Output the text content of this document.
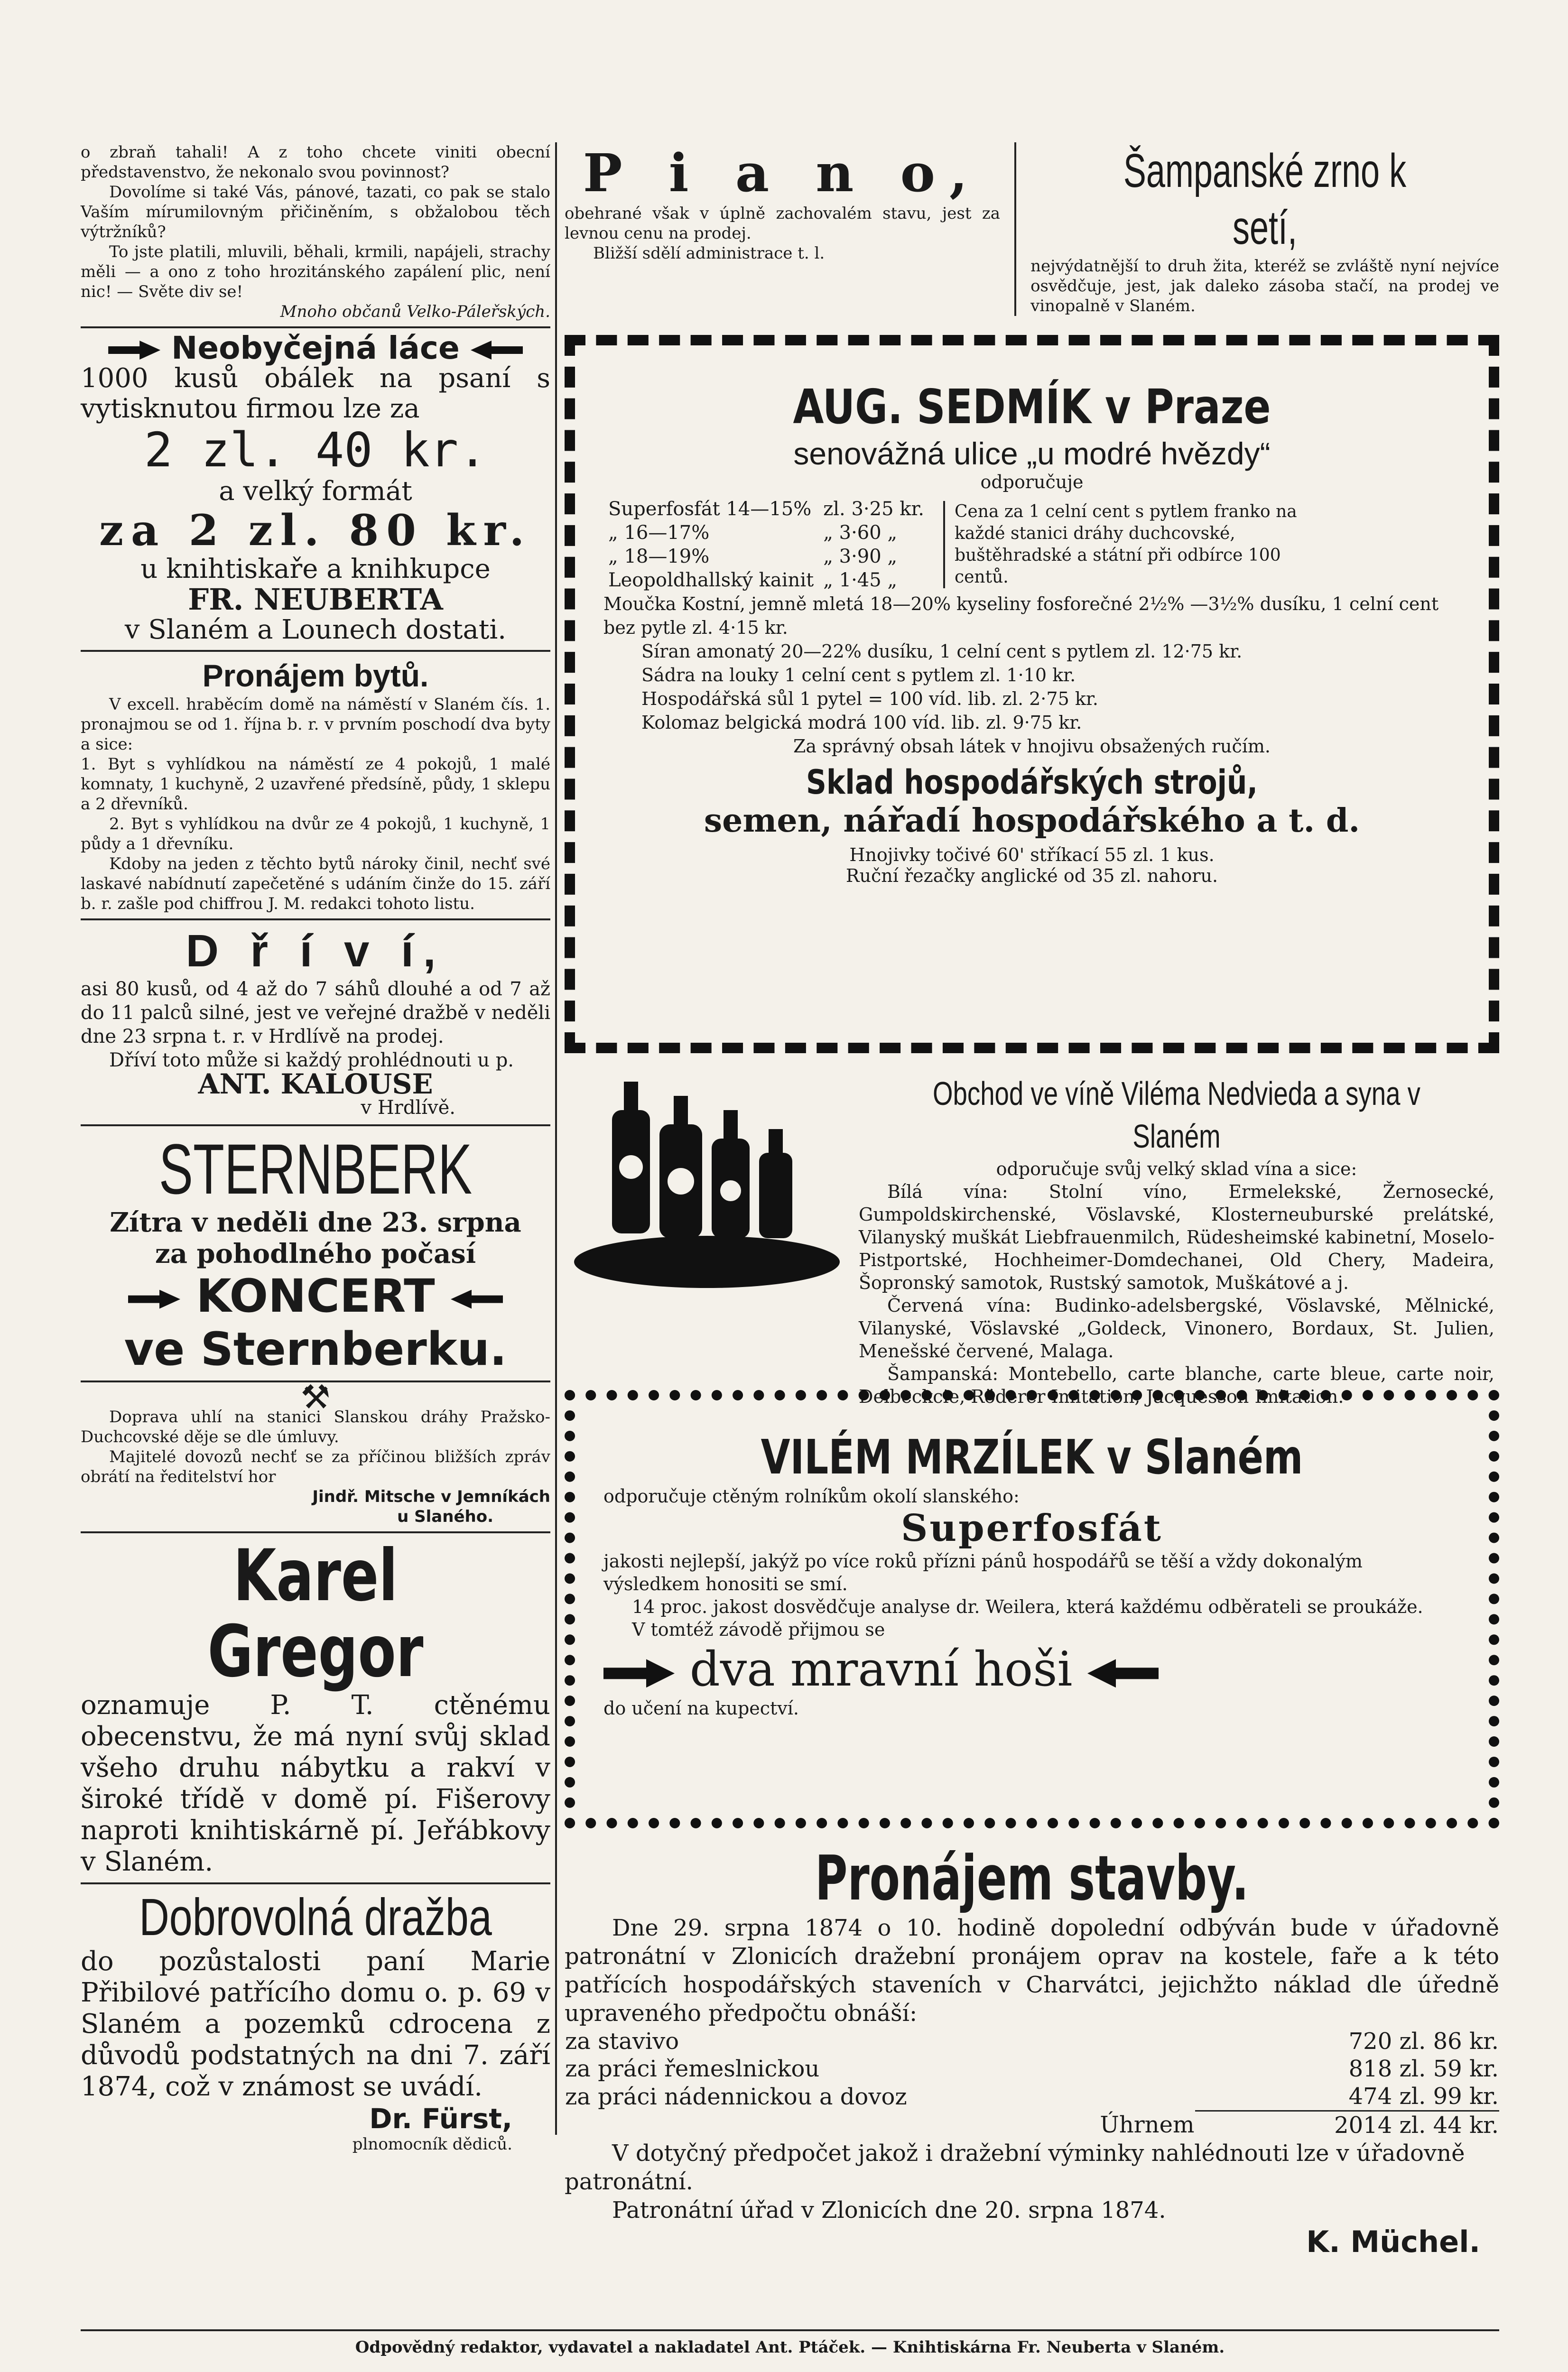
o zbraň tahali! A z toho chcete viniti obecní představenstvo, že nekonalo svou povinnost?
Dovolíme si také Vás, pánové, tazati, co pak se stalo Vaším mírumilovným přičiněním, s obžalobou těch výtržníků?
To jste platili, mluvili, běhali, krmili, napájeli, strachy měli — a ono z toho hrozitánského zapálení plic, není nic! — Světe div se!
Mnoho občanů Velko-Páleřských.
Neobyčejná láce
1000 kusů obálek na psaní s vytisknutou firmou lze za
2 zl. 40 kr.
a velký formát
za 2 zl. 80 kr.
u knihtiskaře a knihkupce
FR. NEUBERTA
v Slaném a Lounech dostati.
Pronájem bytů.
V excell. hraběcím domě na náměstí v Slaném čís. 1. pronajmou se od 1. října b. r. v prvním poschodí dva byty a sice:
1. Byt s vyhlídkou na náměstí ze 4 pokojů, 1 malé komnaty, 1 kuchyně, 2 uzavřené předsíně, půdy, 1 sklepu a 2 dřevníků.
2. Byt s vyhlídkou na dvůr ze 4 pokojů, 1 kuchyně, 1 půdy a 1 dřevníku.
Kdoby na jeden z těchto bytů nároky činil, nechť své laskavé nabídnutí zapečetěné s udáním činže do 15. září b. r. zašle pod chiffrou J. M. redakci tohoto listu.
D ř í v í,
asi 80 kusů, od 4 až do 7 sáhů dlouhé a od 7 až do 11 palců silné, jest ve veřejné dražbě v neděli dne 23 srpna t. r. v Hrdlívě na prodej.
Dříví toto může si každý prohlédnouti u p.
ANT. KALOUSE
v Hrdlívě.
STERNBERK
Zítra v neděli dne 23. srpna
za pohodlného počasí
KONCERT
ve Sternberku.
⚒
Doprava uhlí na stanici Slanskou dráhy Pražsko-Duchcovské děje se dle úmluvy.
Majitelé dovozů nechť se za příčinou bližších zpráv obrátí na ředitelství hor
Jindř. Mitsche v Jemníkách
u Slaného.
Karel Gregor
oznamuje P. T. ctěnému obecenstvu, že má nyní svůj sklad všeho druhu nábytku a rakví v široké třídě v domě pí. Fišerovy naproti knihtiskárně pí. Jeřábkovy v Slaném.
Dobrovolná dražba
do pozůstalosti paní Marie Přibilové patřícího domu o. p. 69 v Slaném a pozemků cdrocena z důvodů podstatných na dni 7. září 1874, což v známost se uvádí.
Dr. Fürst,
plnomocník dědiců.
P i a n o,
obehrané však v úplně zachovalém stavu, jest za levnou cenu na prodej.
Bližší sdělí administrace t. l.
Šampanské zrno k setí,
nejvýdatnější to druh žita, kteréž se zvláště nyní nejvíce osvědčuje, jest, jak daleko zásoba stačí, na prodej ve vinopalně v Slaném.
AUG. SEDMÍK v Praze
senovážná ulice „u modré hvězdy“
odporučuje
Superfosfát 14—15%	zl. 3·25 kr.
„ 16—17%	„ 3·60 „
„ 18—19%	„ 3·90 „
Leopoldhallský kainit	„ 1·45 „
Cena za 1 celní cent s pytlem franko na každé stanici dráhy duchcovské, buštěhradské a státní při odbírce 100 centů.
Moučka Kostní, jemně mletá 18—20% kyseliny fosforečné 2½% —3½% dusíku, 1 celní cent bez pytle zl. 4·15 kr.
Síran amonatý 20—22% dusíku, 1 celní cent s pytlem zl. 12·75 kr.
Sádra na louky 1 celní cent s pytlem zl. 1·10 kr.
Hospodářská sůl 1 pytel = 100 víd. lib. zl. 2·75 kr.
Kolomaz belgická modrá 100 víd. lib. zl. 9·75 kr.
Za správný obsah látek v hnojivu obsažených ručím.
Sklad hospodářských strojů,
semen, nářadí hospodářského a t. d.
Hnojivky točivé 60' stříkací 55 zl. 1 kus.
Ruční řezačky anglické od 35 zl. nahoru.
Obchod ve víně Viléma Nedvieda a syna v Slaném
odporučuje svůj velký sklad vína a sice:
Bílá vína: Stolní víno, Ermelekské, Žernosecké, Gumpoldskirchenské, Vöslavské, Klosterneuburské prelátské, Vilanyský muškát Liebfrauenmilch, Rüdesheimské kabinetní, Moselo-Pistportské, Hochheimer-Domdechanei, Old Chery, Madeira, Šopronský samotok, Rustský samotok, Muškátové a j.
Červená vína: Budinko-adelsbergské, Vöslavské, Mělnické, Vilanyské, Vöslavské „Goldeck, Vinonero, Bordaux, St. Julien, Menešské červené, Malaga.
Šampanská: Montebello, carte blanche, carte bleue, carte noir, Delbeckcie, Röderer Imitation, Jacquesson Imitation.
VILÉM MRZÍLEK v Slaném
odporučuje ctěným rolníkům okolí slanského:
Superfosfát
jakosti nejlepší, jakýž po více roků přízni pánů hospodářů se těší a vždy dokonalým výsledkem honositi se smí.
14 proc. jakost dosvědčuje analyse dr. Weilera, která každému odběrateli se proukáže.
V tomtéž závodě přijmou se
dva mravní hoši
do učení na kupectví.
Pronájem stavby.
Dne 29. srpna 1874 o 10. hodině dopolední odbýván bude v úřadovně patronátní v Zlonicích dražební pronájem oprav na kostele, faře a k této patřících hospodářských staveních v Charvátci, jejichžto náklad dle úředně upraveného předpočtu obnáší:
za stavivo	720 zl. 86 kr.
za práci řemeslnickou	818 zl. 59 kr.
za práci nádennickou a dovoz	474 zl. 99 kr.
Úhrnem	2014 zl. 44 kr.
V dotyčný předpočet jakož i dražební výminky nahlédnouti lze v úřadovně patronátní.
Patronátní úřad v Zlonicích dne 20. srpna 1874.
K. Müchel.
Odpovědný redaktor, vydavatel a nakladatel Ant. Ptáček. — Knihtiskárna Fr. Neuberta v Slaném.
